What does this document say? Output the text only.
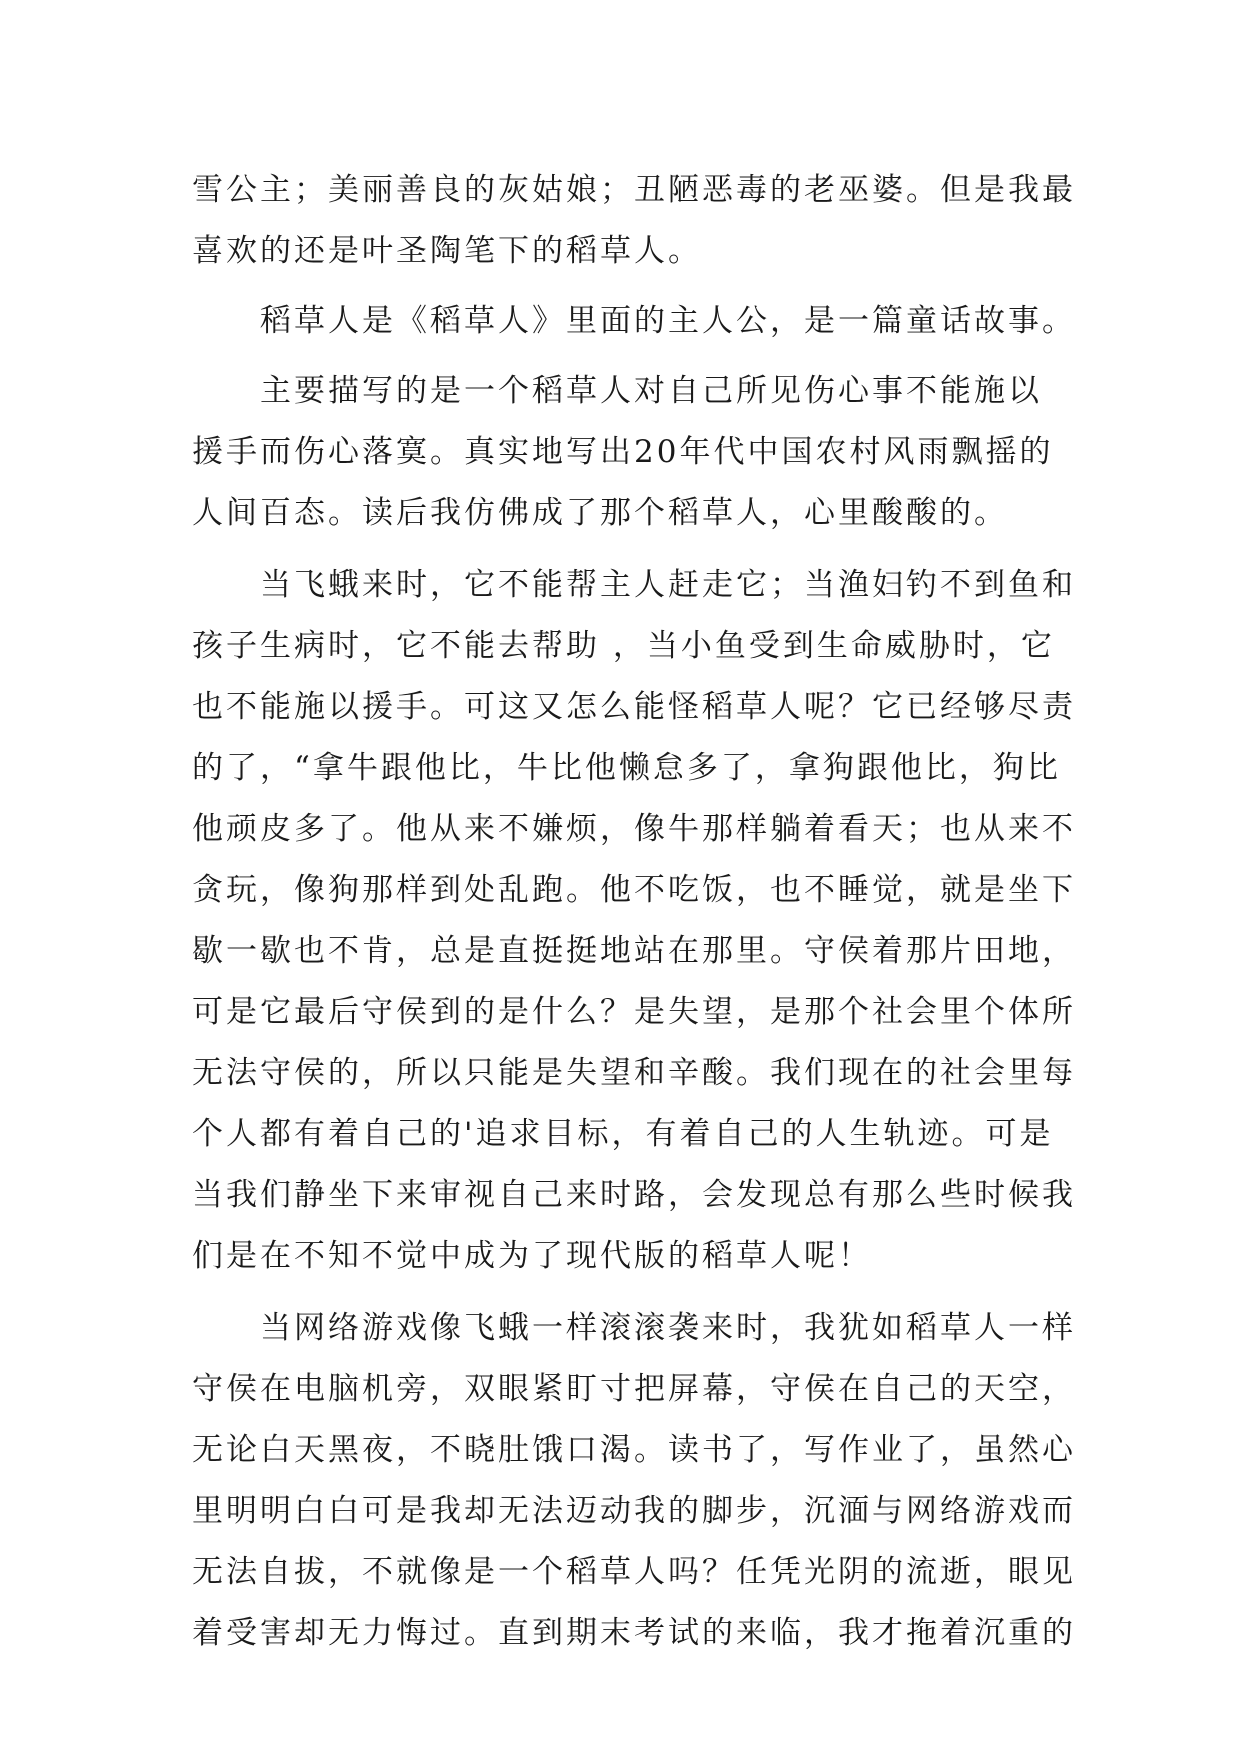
雪公主；美丽善良的灰姑娘；丑陋恶毒的老巫婆。但是我最
喜欢的还是叶圣陶笔下的稻草人。
稻草人是《稻草人》里面的主人公，是一篇童话故事。
主要描写的是一个稻草人对自己所见伤心事不能施以
援手而伤心落寞。真实地写出20年代中国农村风雨飘摇的
人间百态。读后我仿佛成了那个稻草人，心里酸酸的。
当飞蛾来时，它不能帮主人赶走它；当渔妇钓不到鱼和
孩子生病时，它不能去帮助 ，当小鱼受到生命威胁时，它
也不能施以援手。可这又怎么能怪稻草人呢？它已经够尽责
的了，“拿牛跟他比，牛比他懒怠多了，拿狗跟他比，狗比
他顽皮多了。他从来不嫌烦，像牛那样躺着看天；也从来不
贪玩，像狗那样到处乱跑。他不吃饭，也不睡觉，就是坐下
歇一歇也不肯，总是直挺挺地站在那里。守侯着那片田地，
可是它最后守侯到的是什么？是失望，是那个社会里个体所
无法守侯的，所以只能是失望和辛酸。我们现在的社会里每
个人都有着自己的'追求目标，有着自己的人生轨迹。可是
当我们静坐下来审视自己来时路，会发现总有那么些时候我
们是在不知不觉中成为了现代版的稻草人呢！
当网络游戏像飞蛾一样滚滚袭来时，我犹如稻草人一样
守侯在电脑机旁，双眼紧盯寸把屏幕，守侯在自己的天空，
无论白天黑夜，不晓肚饿口渴。读书了，写作业了，虽然心
里明明白白可是我却无法迈动我的脚步，沉湎与网络游戏而
无法自拔，不就像是一个稻草人吗？任凭光阴的流逝，眼见
着受害却无力悔过。直到期末考试的来临，我才拖着沉重的
